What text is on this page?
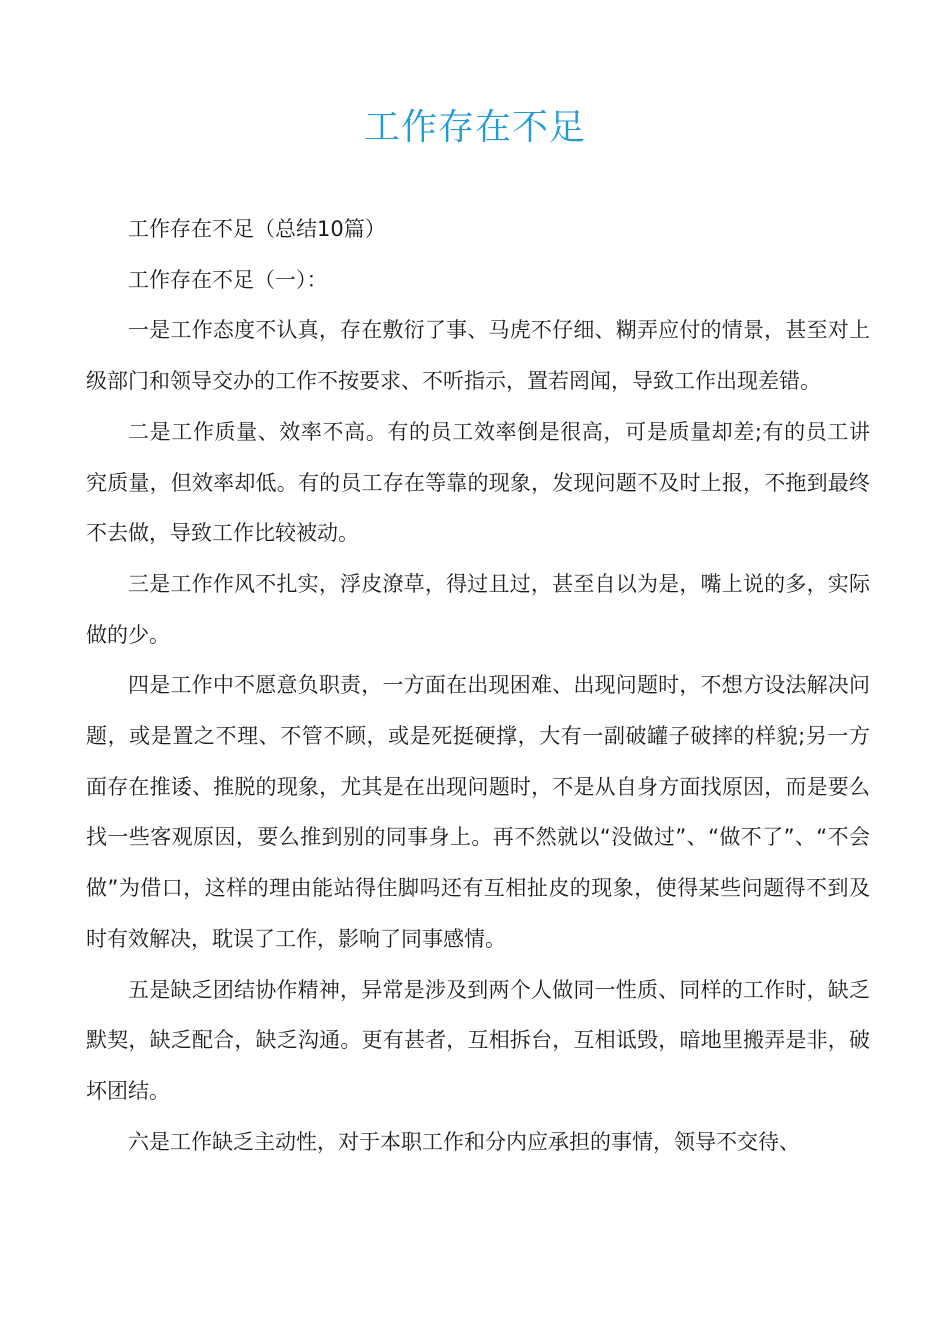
工作存在不足

工作存在不足（总结10篇）

工作存在不足（一）：

一是工作态度不认真，存在敷衍了事、马虎不仔细、糊弄应付的情景，甚至对上级部门和领导交办的工作不按要求、不听指示，置若罔闻，导致工作出现差错。

二是工作质量、效率不高。有的员工效率倒是很高，可是质量却差;有的员工讲究质量，但效率却低。有的员工存在等靠的现象，发现问题不及时上报，不拖到最终不去做，导致工作比较被动。

三是工作作风不扎实，浮皮潦草，得过且过，甚至自以为是，嘴上说的多，实际做的少。

四是工作中不愿意负职责，一方面在出现困难、出现问题时，不想方设法解决问题，或是置之不理、不管不顾，或是死挺硬撑，大有一副破罐子破摔的样貌;另一方面存在推诿、推脱的现象，尤其是在出现问题时，不是从自身方面找原因，而是要么找一些客观原因，要么推到别的同事身上。再不然就以“没做过”、“做不了”、“不会做”为借口，这样的理由能站得住脚吗还有互相扯皮的现象，使得某些问题得不到及时有效解决，耽误了工作，影响了同事感情。

五是缺乏团结协作精神，异常是涉及到两个人做同一性质、同样的工作时，缺乏默契，缺乏配合，缺乏沟通。更有甚者，互相拆台，互相诋毁，暗地里搬弄是非，破坏团结。

六是工作缺乏主动性，对于本职工作和分内应承担的事情，领导不交待、
